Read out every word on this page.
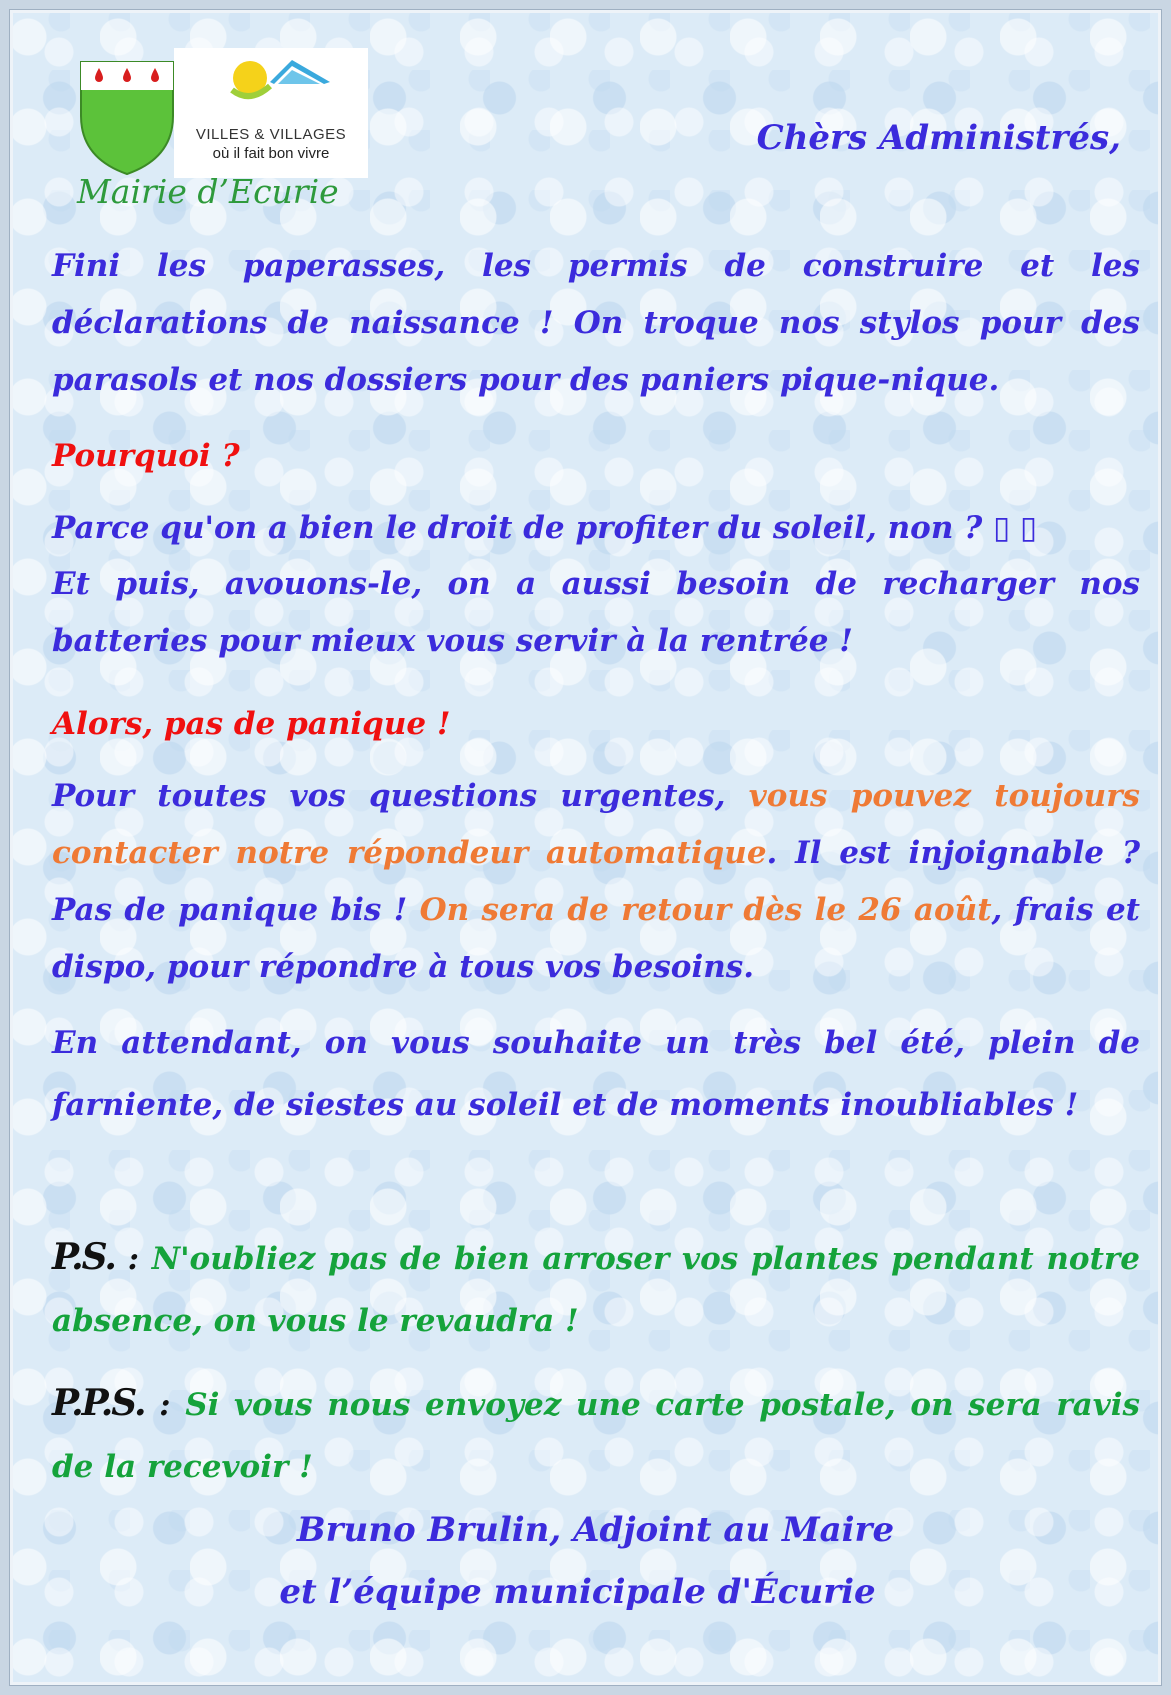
VILLES & VILLAGES
où il fait bon vivre
Mairie d’Ecurie
Chèrs Administrés,
Fini les paperasses, les permis de construire et les déclarations de naissance ! On troque nos stylos pour des parasols et nos dossiers pour des paniers pique-nique.
Pourquoi ?
Parce qu'on a bien le droit de profiter du soleil, non ? ▯ ▯
Et puis, avouons-le, on a aussi besoin de recharger nos batteries pour mieux vous servir à la rentrée !
Alors, pas de panique !
Pour toutes vos questions urgentes, vous pouvez toujours contacter notre répondeur automatique. Il est injoignable ? Pas de panique bis ! On sera de retour dès le 26 août, frais et dispo, pour répondre à tous vos besoins.
En attendant, on vous souhaite un très bel été, plein de farniente, de siestes au soleil et de moments inoubliables !
P.S. : N'oubliez pas de bien arroser vos plantes pendant notre absence, on vous le revaudra !
P.P.S. : Si vous nous envoyez une carte postale, on sera ravis de la recevoir !
Bruno Brulin, Adjoint au Maire
et l’équipe municipale d'Écurie
